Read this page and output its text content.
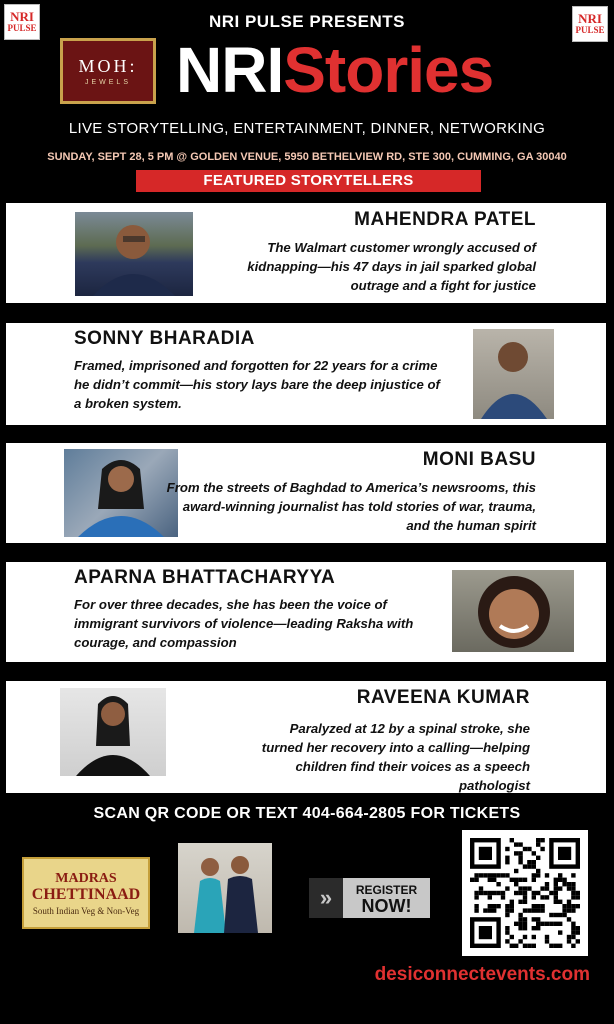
NRI
PULSE
NRI
PULSE
NRI PULSE PRESENTS
MOH:
JEWELS NRIStories
LIVE STORYTELLING, ENTERTAINMENT, DINNER, NETWORKING
SUNDAY, SEPT 28, 5 PM @ GOLDEN VENUE, 5950 BETHELVIEW RD, STE 300, CUMMING, GA 30040
FEATURED STORYTELLERS
MAHENDRA PATEL
The Walmart customer wrongly accused of kidnapping—his 47 days in jail sparked global outrage and a fight for justice
SONNY BHARADIA
Framed, imprisoned and forgotten for 22 years for a crime he didn’t commit—his story lays bare the deep injustice of a broken system.
MONI BASU
From the streets of Baghdad to America’s newsrooms, this award-winning journalist has told stories of war, trauma, and the human spirit
APARNA BHATTACHARYYA
For over three decades, she has been the voice of immigrant survivors of violence—leading Raksha with courage, and compassion
RAVEENA KUMAR
Paralyzed at 12 by a spinal stroke, she turned her recovery into a calling—helping children find their voices as a speech pathologist
SCAN QR CODE OR TEXT 404-664-2805 FOR TICKETS
MADRAS
CHETTINAAD
South Indian Veg & Non-Veg
»	REGISTER
NOW!
desiconnectevents.com
